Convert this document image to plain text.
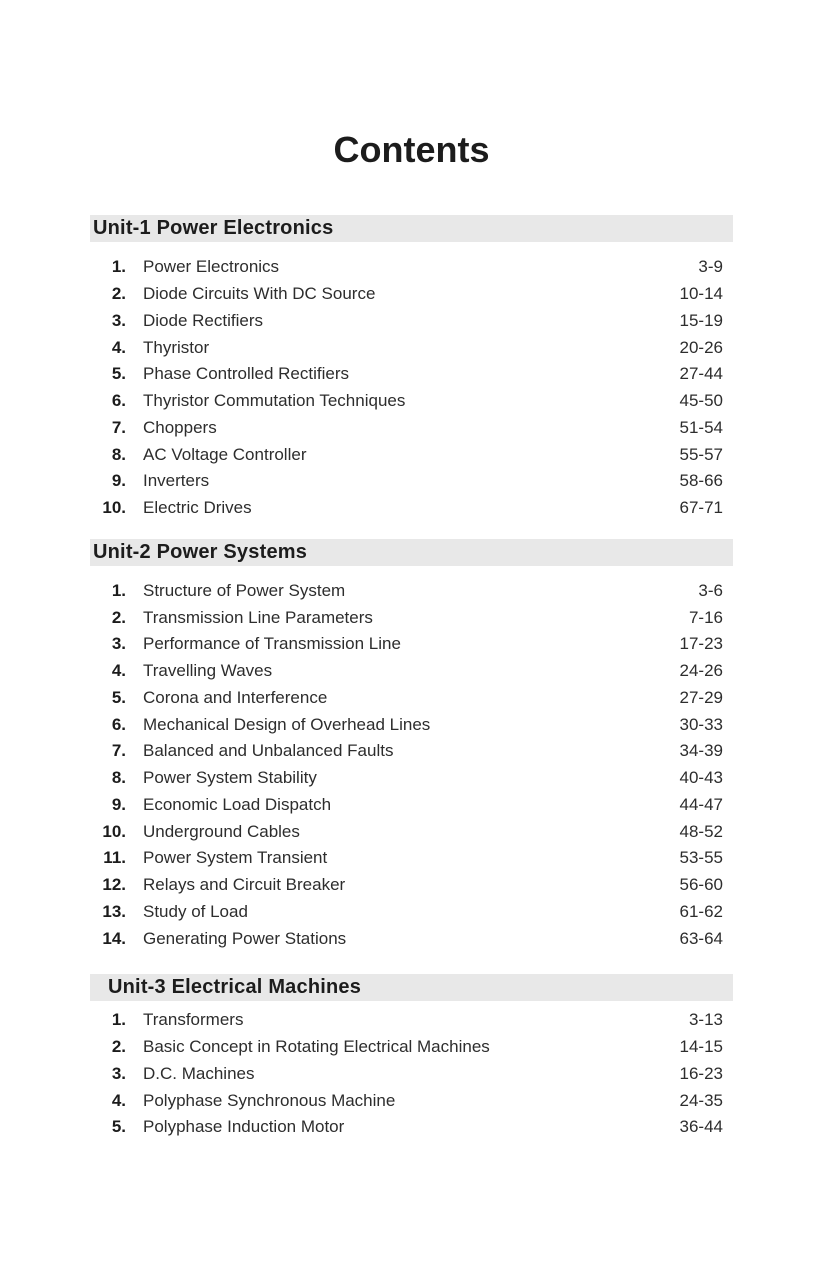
Contents
Unit-1 Power Electronics
1. Power Electronics	3-9
2. Diode Circuits With DC Source	10-14
3. Diode Rectifiers	15-19
4. Thyristor	20-26
5. Phase Controlled Rectifiers	27-44
6. Thyristor Commutation Techniques	45-50
7. Choppers	51-54
8. AC Voltage Controller	55-57
9. Inverters	58-66
10. Electric Drives	67-71
Unit-2 Power Systems
1. Structure of Power System	3-6
2. Transmission Line Parameters	7-16
3. Performance of Transmission Line	17-23
4. Travelling Waves	24-26
5. Corona and Interference	27-29
6. Mechanical Design of Overhead Lines	30-33
7. Balanced and Unbalanced Faults	34-39
8. Power System Stability	40-43
9. Economic Load Dispatch	44-47
10. Underground Cables	48-52
11. Power System Transient	53-55
12. Relays and Circuit Breaker	56-60
13. Study of Load	61-62
14. Generating Power Stations	63-64
Unit-3 Electrical Machines
1. Transformers	3-13
2. Basic Concept in Rotating Electrical Machines	14-15
3. D.C. Machines	16-23
4. Polyphase Synchronous Machine	24-35
5. Polyphase Induction Motor	36-44
